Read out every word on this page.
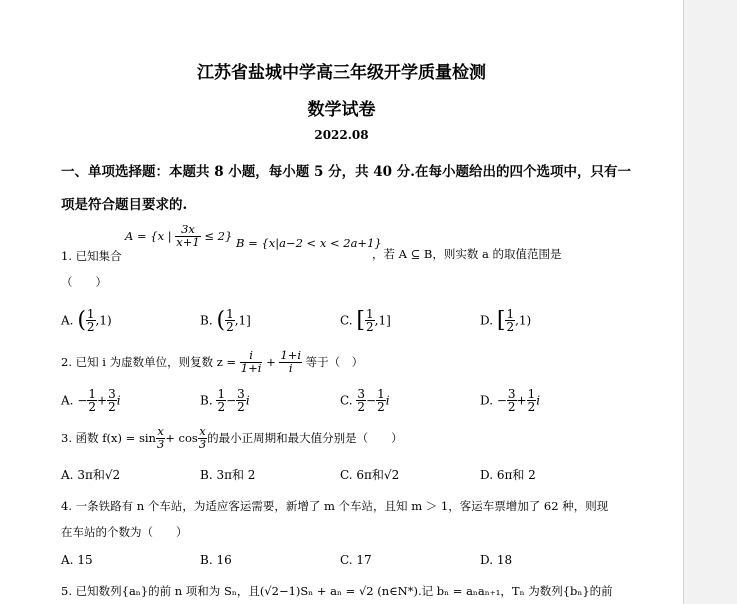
江苏省盐城中学高三年级开学质量检测
数学试卷
2022.08
一、单项选择题：本题共 8 小题，每小题 5 分，共 40 分.在每小题给出的四个选项中，只有一
项是符合题目要求的.
1. 已知集合
A = {x | $\frac{3x}{x+1} \le 2$} B = {x|a−2 < x < 2a+1}
，若 A ⊆ B，则实数 a 的取值范围是
（　　）
A. ( $\frac{1}{2} ,1$)	B. ( $\frac{1}{2} ,1$]	C. [ $\frac{1}{2} ,1$]	D. [ $\frac{1}{2} ,1$)
2. 已知 i 为虚数单位，则复数 $z = \frac{i}{1+i} + \frac{1+i}{i}$ 等于（　）
A. − $\frac{1}{2} + \frac{3}{2}$ i	B. $\frac{1}{2} - \frac{3}{2}$ i	C. $\frac{3}{2} - \frac{1}{2}$ i	D. − $\frac{3}{2} + \frac{1}{2}$ i
3. 函数 $f(x) = \sin \frac{x}{3} + \cos \frac{x}{3}$ 的最小正周期和最大值分别是（　　）
A. 3π和√2	B. 3π和 2	C. 6π和√2	D. 6π和 2
4. 一条铁路有 n 个车站，为适应客运需要，新增了 m 个车站，且知 m ＞ 1，客运车票增加了 62 种，则现
在车站的个数为（　　）
A. 15	B. 16	C. 17	D. 18
5. 已知数列{aₙ}的前 n 项和为 Sₙ，且(√2−1)Sₙ + aₙ = √2 (n∈N*).记 bₙ = aₙaₙ₊₁，Tₙ 为数列{bₙ}的前
